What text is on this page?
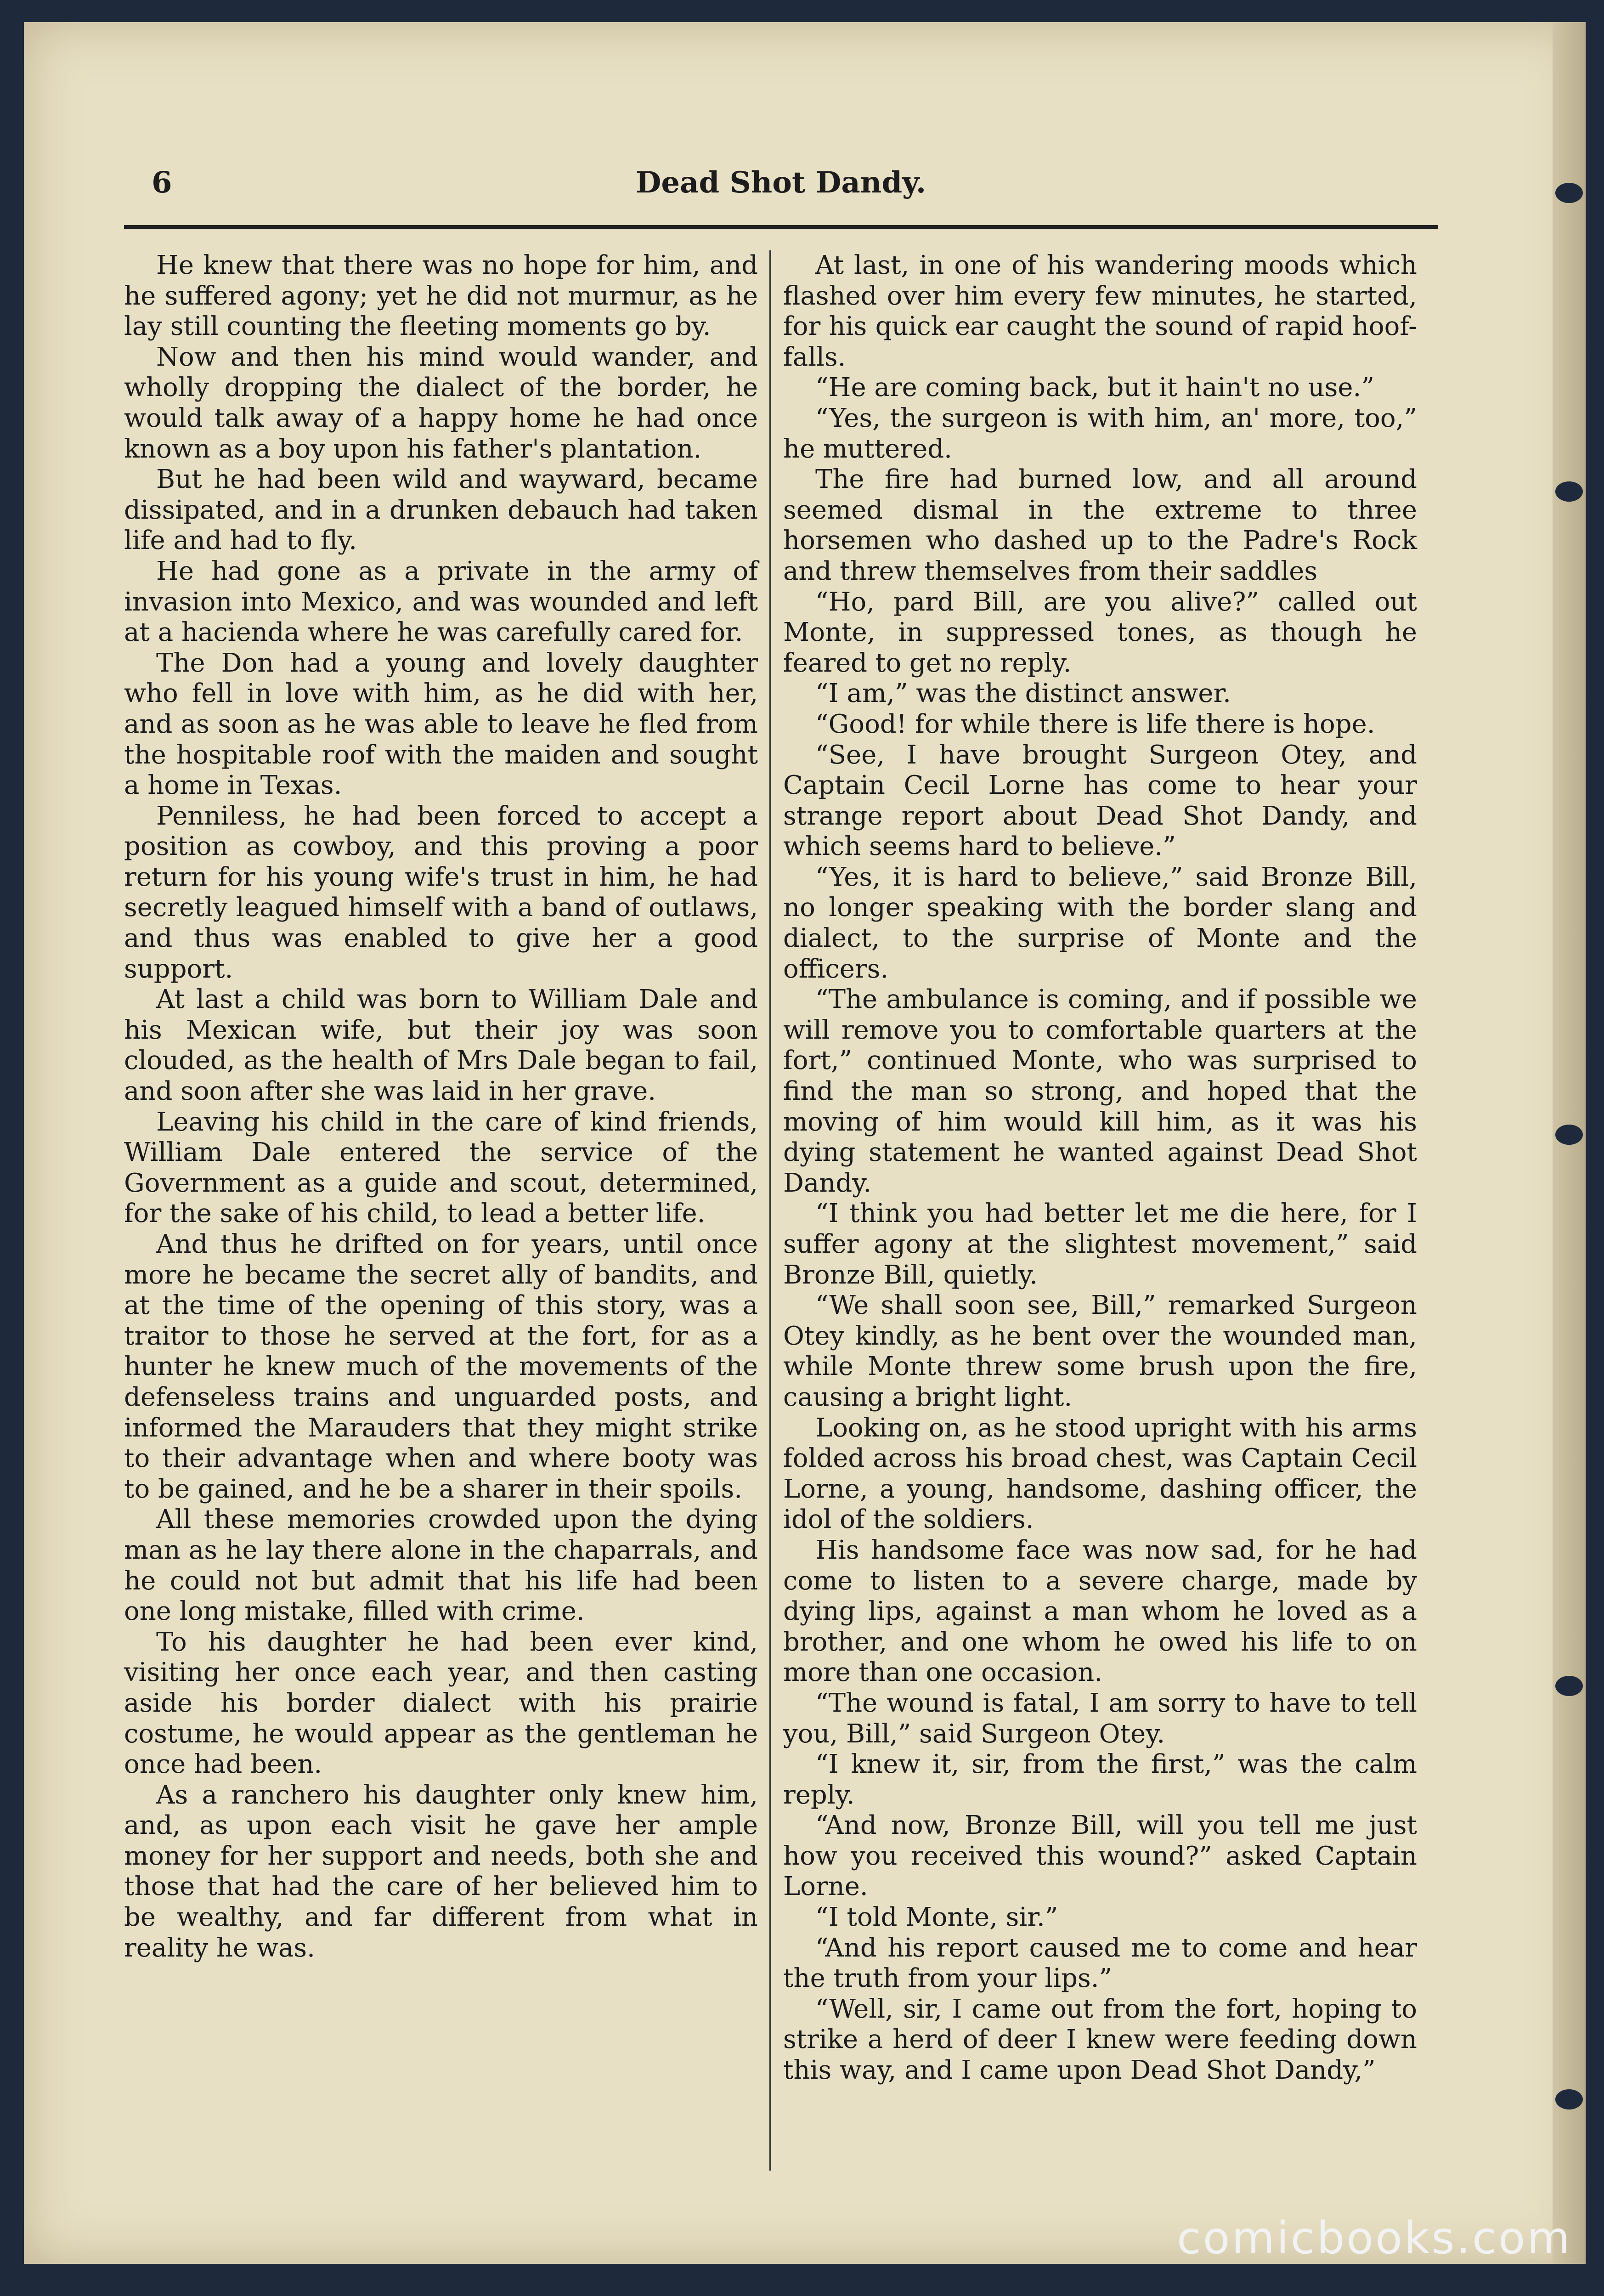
6	Dead Shot Dandy.

He knew that there was no hope for him, and he suffered agony; yet he did not murmur, as he lay still counting the fleeting moments go by.

Now and then his mind would wander, and wholly dropping the dialect of the border, he would talk away of a happy home he had once known as a boy upon his father's plantation.

But he had been wild and wayward, became dissipated, and in a drunken debauch had taken life and had to fly.

He had gone as a private in the army of invasion into Mexico, and was wounded and left at a hacienda where he was carefully cared for.

The Don had a young and lovely daughter who fell in love with him, as he did with her, and as soon as he was able to leave he fled from the hospitable roof with the maiden and sought a home in Texas.

Penniless, he had been forced to accept a position as cowboy, and this proving a poor return for his young wife's trust in him, he had secretly leagued himself with a band of outlaws, and thus was enabled to give her a good support.

At last a child was born to William Dale and his Mexican wife, but their joy was soon clouded, as the health of Mrs Dale began to fail, and soon after she was laid in her grave.

Leaving his child in the care of kind friends, William Dale entered the service of the Government as a guide and scout, determined, for the sake of his child, to lead a better life.

And thus he drifted on for years, until once more he became the secret ally of bandits, and at the time of the opening of this story, was a traitor to those he served at the fort, for as a hunter he knew much of the movements of the defenseless trains and unguarded posts, and informed the Marauders that they might strike to their advantage when and where booty was to be gained, and he be a sharer in their spoils.

All these memories crowded upon the dying man as he lay there alone in the chaparrals, and he could not but admit that his life had been one long mistake, filled with crime.

To his daughter he had been ever kind, visiting her once each year, and then casting aside his border dialect with his prairie costume, he would appear as the gentleman he once had been.

As a ranchero his daughter only knew him, and, as upon each visit he gave her ample money for her support and needs, both she and those that had the care of her believed him to be wealthy, and far different from what in reality he was.

At last, in one of his wandering moods which flashed over him every few minutes, he started, for his quick ear caught the sound of rapid hoof-falls.

“He are coming back, but it hain't no use.”

“Yes, the surgeon is with him, an' more, too,” he muttered.

The fire had burned low, and all around seemed dismal in the extreme to three horsemen who dashed up to the Padre's Rock and threw themselves from their saddles

“Ho, pard Bill, are you alive?” called out Monte, in suppressed tones, as though he feared to get no reply.

“I am,” was the distinct answer.

“Good! for while there is life there is hope.

“See, I have brought Surgeon Otey, and Captain Cecil Lorne has come to hear your strange report about Dead Shot Dandy, and which seems hard to believe.”

“Yes, it is hard to believe,” said Bronze Bill, no longer speaking with the border slang and dialect, to the surprise of Monte and the officers.

“The ambulance is coming, and if possible we will remove you to comfortable quarters at the fort,” continued Monte, who was surprised to find the man so strong, and hoped that the moving of him would kill him, as it was his dying statement he wanted against Dead Shot Dandy.

“I think you had better let me die here, for I suffer agony at the slightest movement,” said Bronze Bill, quietly.

“We shall soon see, Bill,” remarked Surgeon Otey kindly, as he bent over the wounded man, while Monte threw some brush upon the fire, causing a bright light.

Looking on, as he stood upright with his arms folded across his broad chest, was Captain Cecil Lorne, a young, handsome, dashing officer, the idol of the soldiers.

His handsome face was now sad, for he had come to listen to a severe charge, made by dying lips, against a man whom he loved as a brother, and one whom he owed his life to on more than one occasion.

“The wound is fatal, I am sorry to have to tell you, Bill,” said Surgeon Otey.

“I knew it, sir, from the first,” was the calm reply.

“And now, Bronze Bill, will you tell me just how you received this wound?” asked Captain Lorne.

“I told Monte, sir.”

“And his report caused me to come and hear the truth from your lips.”

“Well, sir, I came out from the fort, hoping to strike a herd of deer I knew were feeding down this way, and I came upon Dead Shot Dandy,”

comicbooks.com
